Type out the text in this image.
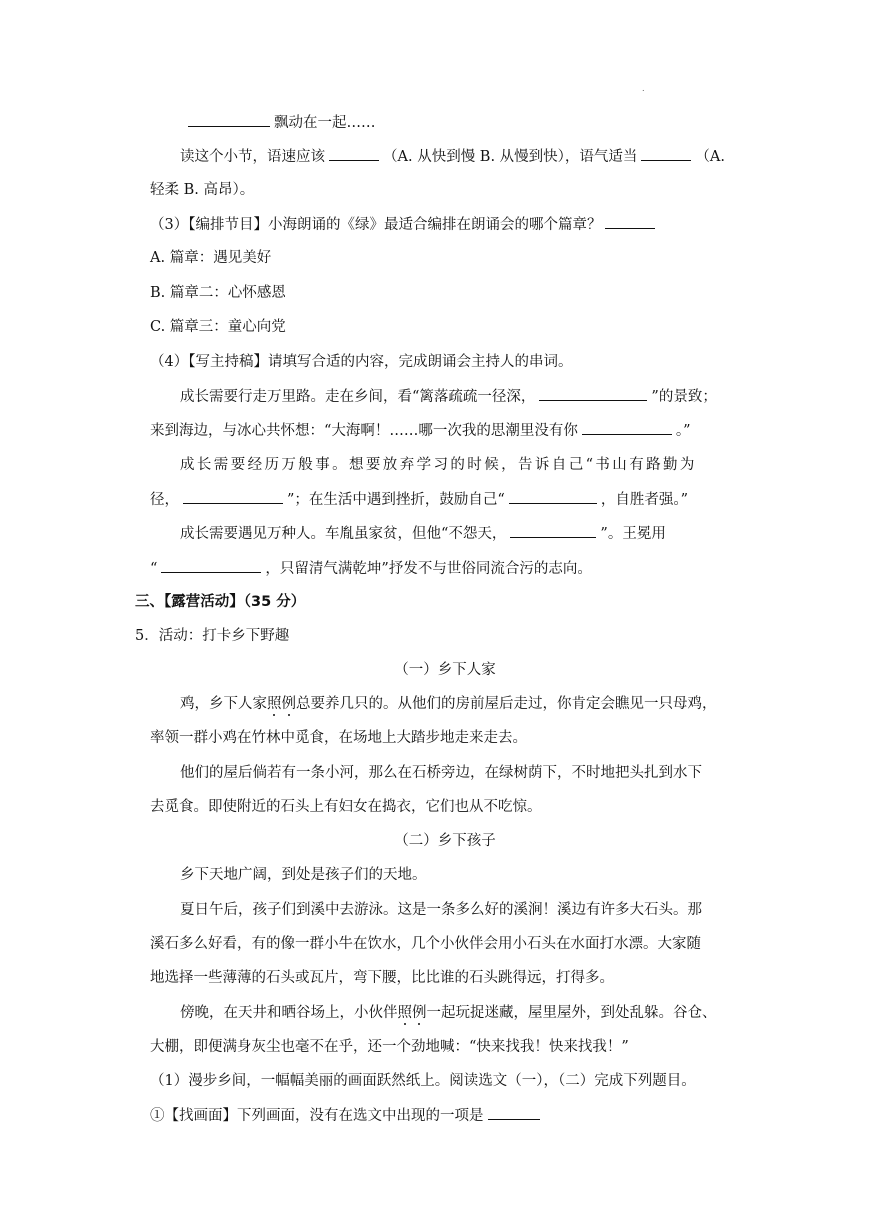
.
飘动在一起……
读这个小节，语速应该	（A. 从快到慢 B. 从慢到快），语气适当	（A.
轻柔 B. 高昂）。
（3）【编排节目】小海朗诵的《绿》最适合编排在朗诵会的哪个篇章？
A. 篇章：遇见美好
B. 篇章二：心怀感恩
C. 篇章三：童心向党
（4）【写主持稿】请填写合适的内容，完成朗诵会主持人的串词。
成长需要行走万里路。走在乡间，看“篱落疏疏一径深，	”的景致；
来到海边，与冰心共怀想：“大海啊！……哪一次我的思潮里没有你	。”
成长需要经历万般事。想要放弃学习的时候，告诉自己“书山有路勤为
径，	”；在生活中遇到挫折，鼓励自己“	，自胜者强。”
成长需要遇见万种人。车胤虽家贫，但他“不怨天，	”。王冕用
“	，只留清气满乾坤”抒发不与世俗同流合污的志向。
三、【露营活动】（35 分）
5．活动：打卡乡下野趣
（一）乡下人家
鸡，乡下人家照例总要养几只的。从他们的房前屋后走过，你肯定会瞧见一只母鸡，
率领一群小鸡在竹林中觅食，在场地上大踏步地走来走去。
他们的屋后倘若有一条小河，那么在石桥旁边，在绿树荫下，不时地把头扎到水下
去觅食。即使附近的石头上有妇女在捣衣，它们也从不吃惊。
（二）乡下孩子
乡下天地广阔，到处是孩子们的天地。
夏日午后，孩子们到溪中去游泳。这是一条多么好的溪涧！溪边有许多大石头。那
溪石多么好看，有的像一群小牛在饮水，几个小伙伴会用小石头在水面打水漂。大家随
地选择一些薄薄的石头或瓦片，弯下腰，比比谁的石头跳得远，打得多。
傍晚，在天井和晒谷场上，小伙伴照例一起玩捉迷藏，屋里屋外，到处乱躲。谷仓、
大棚，即便满身灰尘也毫不在乎，还一个劲地喊：“快来找我！快来找我！”
（1）漫步乡间，一幅幅美丽的画面跃然纸上。阅读选文（一），（二）完成下列题目。
①【找画面】下列画面，没有在选文中出现的一项是
